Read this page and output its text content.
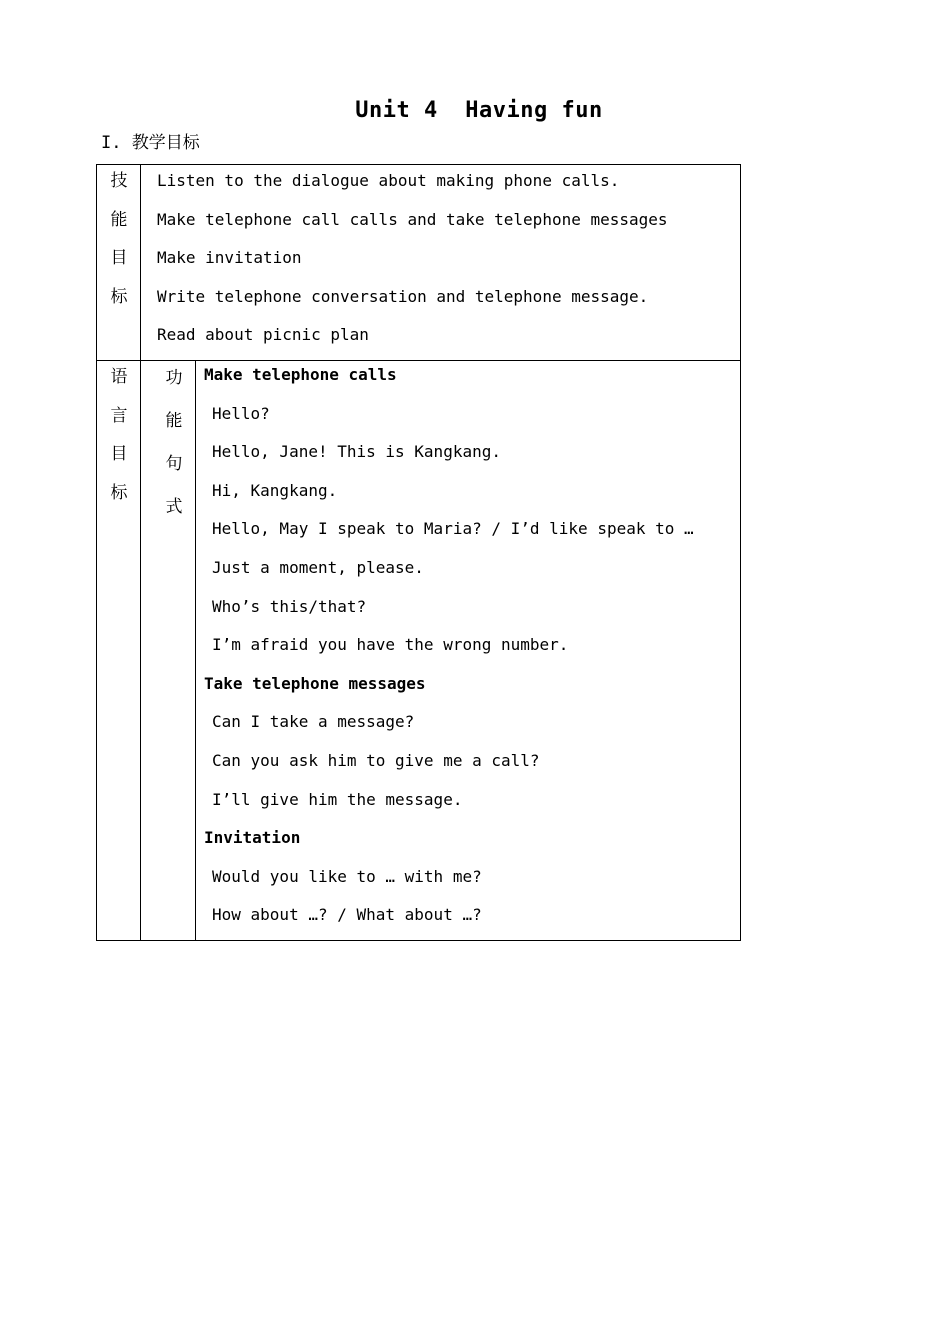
Unit 4  Having fun
I. 教学目标
技
能
目
标
Listen to the dialogue about making phone calls.
Make telephone call calls and take telephone messages
Make invitation
Write telephone conversation and telephone message.
Read about picnic plan
语
言
目
标
功
能
句
式
Make telephone calls
Hello?
Hello, Jane! This is Kangkang.
Hi, Kangkang.
Hello, May I speak to Maria? / I’d like speak to …
Just a moment, please.
Who’s this/that?
I’m afraid you have the wrong number.
Take telephone messages
Can I take a message?
Can you ask him to give me a call?
I’ll give him the message.
Invitation
Would you like to … with me?
How about …? / What about …?
